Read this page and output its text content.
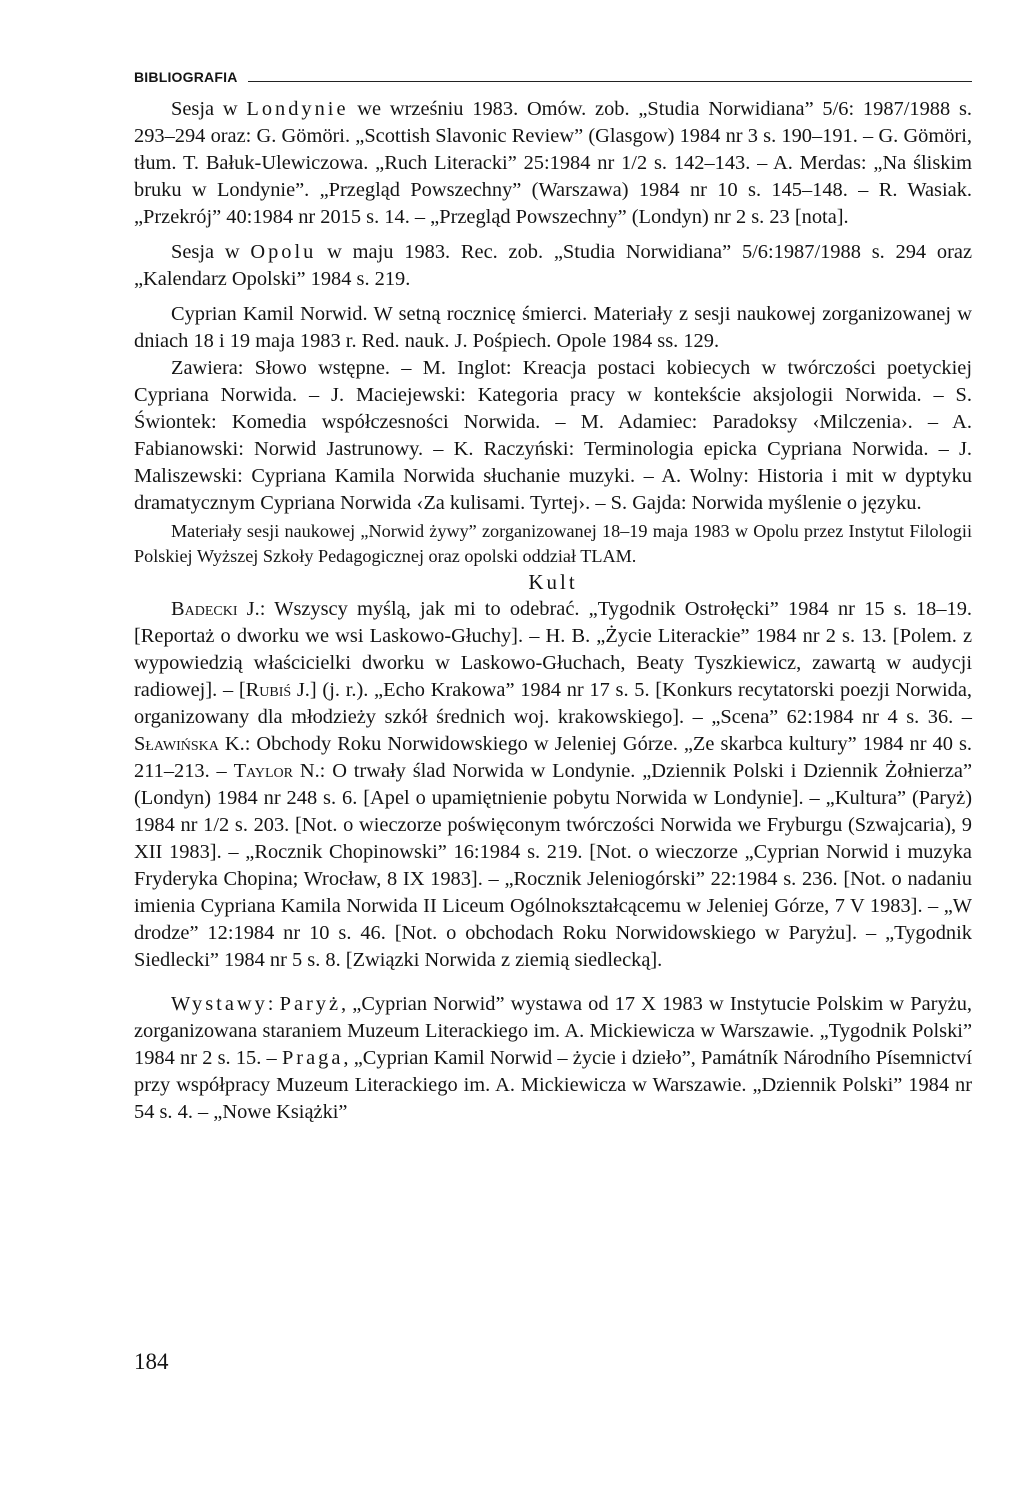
BIBLIOGRAFIA

Sesja w Londynie we wrześniu 1983. Omów. zob. „Studia Norwidiana” 5/6: 1987/1988 s. 293–294 oraz: G. Gömöri. „Scottish Slavonic Review” (Glasgow) 1984 nr 3 s. 190–191. – G. Gömöri, tłum. T. Bałuk-Ulewiczowa. „Ruch Literacki” 25:1984 nr 1/2 s. 142–143. – A. Merdas: „Na śliskim bruku w Londynie”. „Przegląd Powszechny” (Warszawa) 1984 nr 10 s. 145–148. – R. Wasiak. „Przekrój” 40:1984 nr 2015 s. 14. – „Przegląd Powszechny” (Londyn) nr 2 s. 23 [nota].

Sesja w Opolu w maju 1983. Rec. zob. „Studia Norwidiana” 5/6:1987/1988 s. 294 oraz „Kalendarz Opolski” 1984 s. 219.

Cyprian Kamil Norwid. W setną rocznicę śmierci. Materiały z sesji naukowej zorganizowanej w dniach 18 i 19 maja 1983 r. Red. nauk. J. Pośpiech. Opole 1984 ss. 129.

Zawiera: Słowo wstępne. – M. Inglot: Kreacja postaci kobiecych w twórczości poetyckiej Cypriana Norwida. – J. Maciejewski: Kategoria pracy w kontekście aksjologii Norwida. – S. Świontek: Komedia współczesności Norwida. – M. Adamiec: Paradoksy ‹Milczenia›. – A. Fabianowski: Norwid Jastrunowy. – K. Raczyński: Terminologia epicka Cypriana Norwida. – J. Maliszewski: Cypriana Kamila Norwida słuchanie muzyki. – A. Wolny: Historia i mit w dyptyku dramatycznym Cypriana Norwida ‹Za kulisami. Tyrtej›. – S. Gajda: Norwida myślenie o języku.

Materiały sesji naukowej „Norwid żywy” zorganizowanej 18–19 maja 1983 w Opolu przez Instytut Filologii Polskiej Wyższej Szkoły Pedagogicznej oraz opolski oddział TLAM.

Kult

Badecki J.: Wszyscy myślą, jak mi to odebrać. „Tygodnik Ostrołęcki” 1984 nr 15 s. 18–19. [Reportaż o dworku we wsi Laskowo-Głuchy]. – H. B. „Życie Literackie” 1984 nr 2 s. 13. [Polem. z wypowiedzią właścicielki dworku w Laskowo-Głuchach, Beaty Tyszkiewicz, zawartą w audycji radiowej]. – [Rubiś J.] (j. r.). „Echo Krakowa” 1984 nr 17 s. 5. [Konkurs recytatorski poezji Norwida, organizowany dla młodzieży szkół średnich woj. krakowskiego]. – „Scena” 62:1984 nr 4 s. 36. – Sławińska K.: Obchody Roku Norwidowskiego w Jeleniej Górze. „Ze skarbca kultury” 1984 nr 40 s. 211–213. – Taylor N.: O trwały ślad Norwida w Londynie. „Dziennik Polski i Dziennik Żołnierza” (Londyn) 1984 nr 248 s. 6. [Apel o upamiętnienie pobytu Norwida w Londynie]. – „Kultura” (Paryż) 1984 nr 1/2 s. 203. [Not. o wieczorze poświęconym twórczości Norwida we Fryburgu (Szwajcaria), 9 XII 1983]. – „Rocznik Chopinowski” 16:1984 s. 219. [Not. o wieczorze „Cyprian Norwid i muzyka Fryderyka Chopina; Wrocław, 8 IX 1983]. – „Rocznik Jeleniogórski” 22:1984 s. 236. [Not. o nadaniu imienia Cypriana Kamila Norwida II Liceum Ogólnokształcącemu w Jeleniej Górze, 7 V 1983]. – „W drodze” 12:1984 nr 10 s. 46. [Not. o obchodach Roku Norwidowskiego w Paryżu]. – „Tygodnik Siedlecki” 1984 nr 5 s. 8. [Związki Norwida z ziemią siedlecką].

Wystawy: Paryż, „Cyprian Norwid” wystawa od 17 X 1983 w Instytucie Polskim w Paryżu, zorganizowana staraniem Muzeum Literackiego im. A. Mickiewicza w Warszawie. „Tygodnik Polski” 1984 nr 2 s. 15. – Praga, „Cyprian Kamil Norwid – życie i dzieło”, Památník Národního Písemnictví przy współpracy Muzeum Literackiego im. A. Mickiewicza w Warszawie. „Dziennik Polski” 1984 nr 54 s. 4. – „Nowe Książki”

184
